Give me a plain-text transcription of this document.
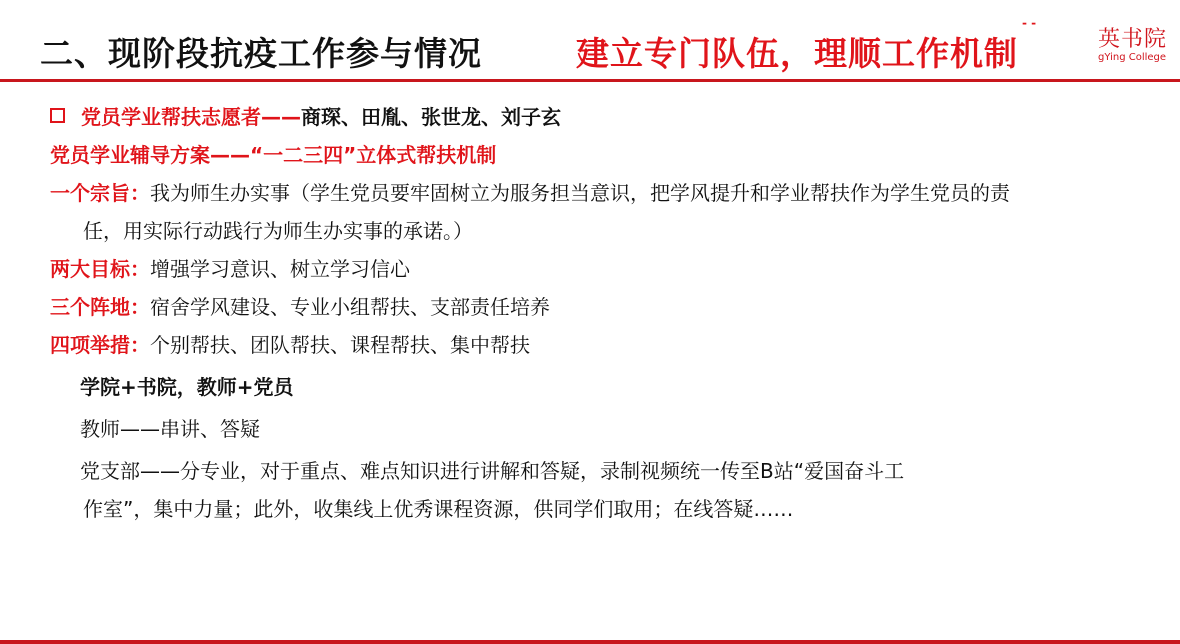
二、现阶段抗疫工作参与情况	建立专门队伍，理顺工作机制
- -
英书院
gYing College
党员学业帮扶志愿者——商琛、田胤、张世龙、刘子玄
党员学业辅导方案——“一二三四”立体式帮扶机制
一个宗旨：我为师生办实事（学生党员要牢固树立为服务担当意识，把学风提升和学业帮扶作为学生党员的责
任，用实际行动践行为师生办实事的承诺。）
两大目标：增强学习意识、树立学习信心
三个阵地：宿舍学风建设、专业小组帮扶、支部责任培养
四项举措：个别帮扶、团队帮扶、课程帮扶、集中帮扶
学院+书院，教师+党员
教师——串讲、答疑
党支部——分专业，对于重点、难点知识进行讲解和答疑，录制视频统一传至B站“爱国奋斗工
作室”，集中力量；此外，收集线上优秀课程资源，供同学们取用；在线答疑……
